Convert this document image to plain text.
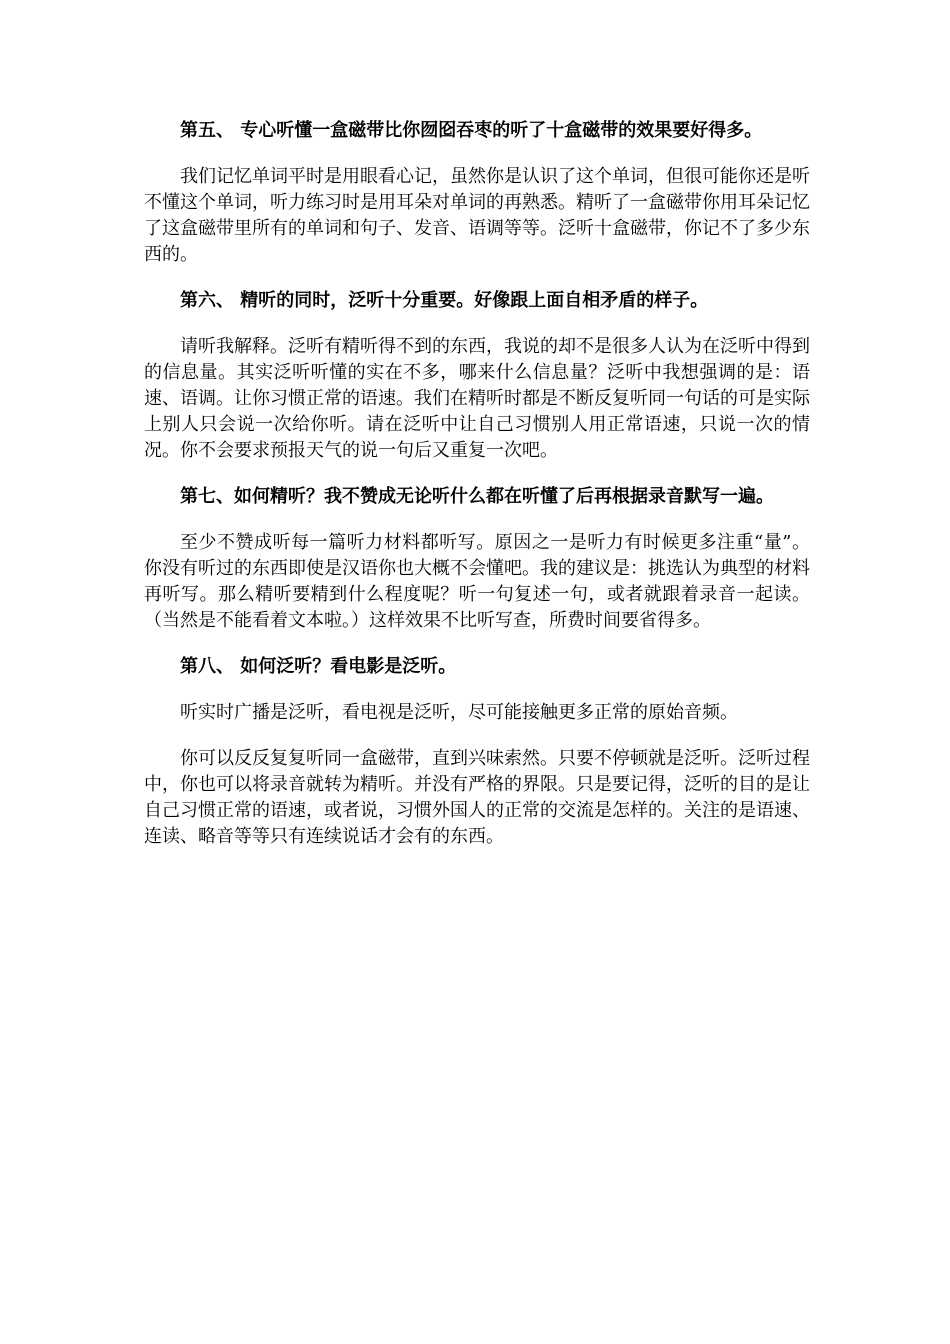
第五、 专心听懂一盒磁带比你囫囵吞枣的听了十盒磁带的效果要好得多。
我们记忆单词平时是用眼看心记，虽然你是认识了这个单词，但很可能你还是听不懂这个单词，听力练习时是用耳朵对单词的再熟悉。精听了一盒磁带你用耳朵记忆了这盒磁带里所有的单词和句子、发音、语调等等。泛听十盒磁带，你记不了多少东西的。
第六、 精听的同时，泛听十分重要。好像跟上面自相矛盾的样子。
请听我解释。泛听有精听得不到的东西，我说的却不是很多人认为在泛听中得到的信息量。其实泛听听懂的实在不多，哪来什么信息量？泛听中我想强调的是：语速、语调。让你习惯正常的语速。我们在精听时都是不断反复听同一句话的可是实际上别人只会说一次给你听。请在泛听中让自己习惯别人用正常语速，只说一次的情况。你不会要求预报天气的说一句后又重复一次吧。
第七、如何精听？我不赞成无论听什么都在听懂了后再根据录音默写一遍。
至少不赞成听每一篇听力材料都听写。原因之一是听力有时候更多注重“量”。你没有听过的东西即使是汉语你也大概不会懂吧。我的建议是：挑选认为典型的材料再听写。那么精听要精到什么程度呢？听一句复述一句，或者就跟着录音一起读。（当然是不能看着文本啦。）这样效果不比听写查，所费时间要省得多。
第八、 如何泛听？看电影是泛听。
听实时广播是泛听，看电视是泛听，尽可能接触更多正常的原始音频。
你可以反反复复听同一盒磁带，直到兴味索然。只要不停顿就是泛听。泛听过程中，你也可以将录音就转为精听。并没有严格的界限。只是要记得，泛听的目的是让自己习惯正常的语速，或者说，习惯外国人的正常的交流是怎样的。关注的是语速、连读、略音等等只有连续说话才会有的东西。
